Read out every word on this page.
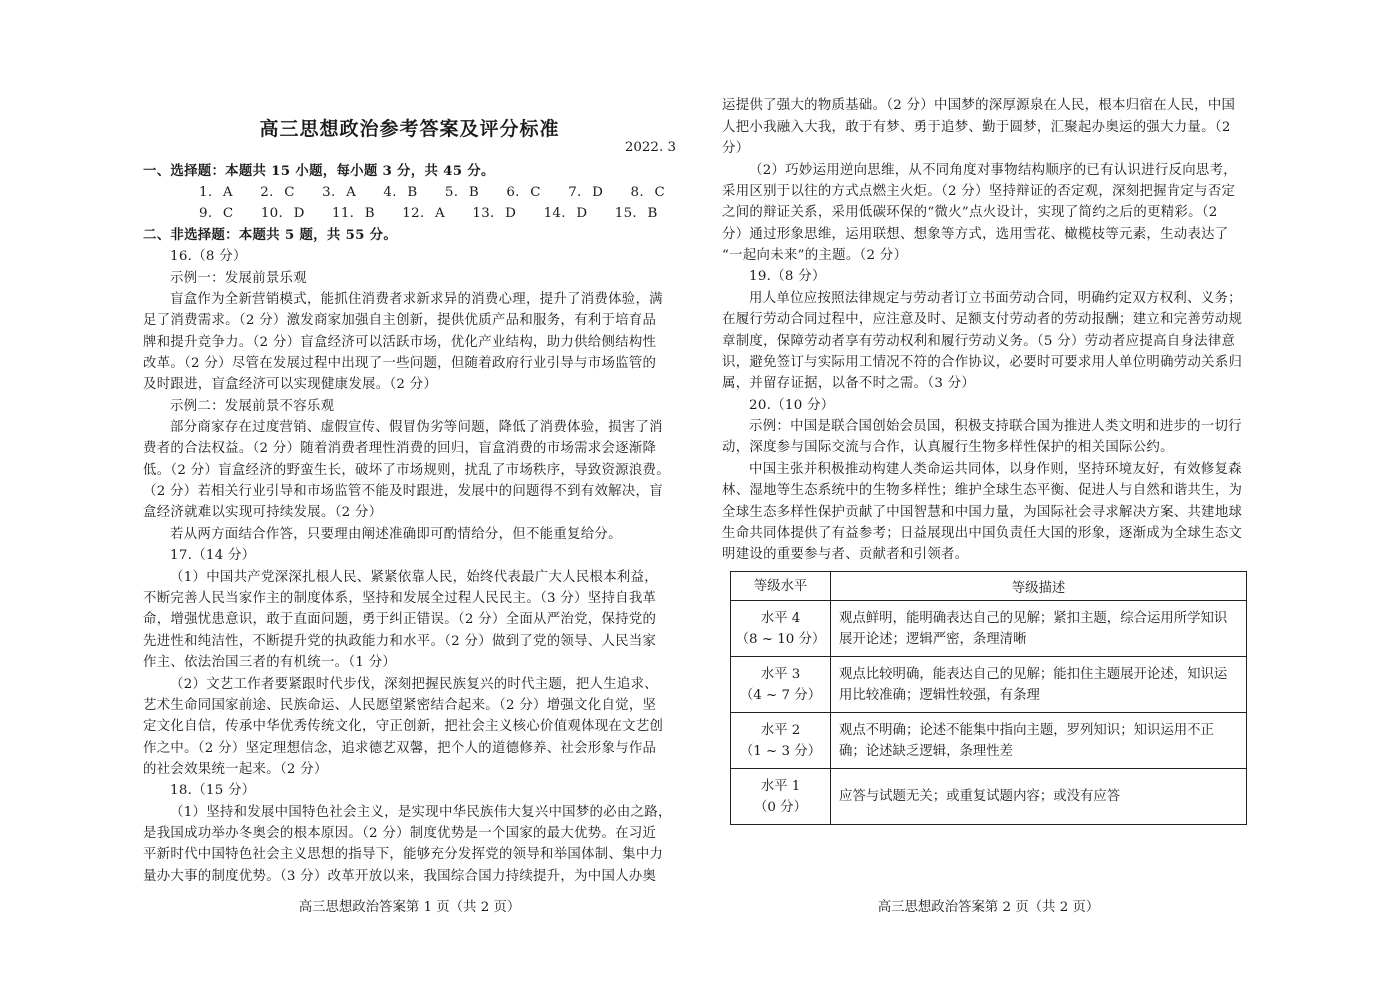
高三思想政治参考答案及评分标准
2022. 3
一、选择题：本题共 15 小题，每小题 3 分，共 45 分。
1. A　　2. C　　3. A　　4. B　　5. B　　6. C　　7. D　　8. C
9. C　　10. D　　11. B　　12. A　　13. D　　14. D　　15. B
二、非选择题：本题共 5 题，共 55 分。
16.（8 分）
示例一：发展前景乐观
盲盒作为全新营销模式，能抓住消费者求新求异的消费心理，提升了消费体验，满
足了消费需求。（2 分）激发商家加强自主创新，提供优质产品和服务，有利于培育品
牌和提升竞争力。（2 分）盲盒经济可以活跃市场，优化产业结构，助力供给侧结构性
改革。（2 分）尽管在发展过程中出现了一些问题，但随着政府行业引导与市场监管的
及时跟进，盲盒经济可以实现健康发展。（2 分）
示例二：发展前景不容乐观
部分商家存在过度营销、虚假宣传、假冒伪劣等问题，降低了消费体验，损害了消
费者的合法权益。（2 分）随着消费者理性消费的回归，盲盒消费的市场需求会逐渐降
低。（2 分）盲盒经济的野蛮生长，破坏了市场规则，扰乱了市场秩序，导致资源浪费。
（2 分）若相关行业引导和市场监管不能及时跟进，发展中的问题得不到有效解决，盲
盒经济就难以实现可持续发展。（2 分）
若从两方面结合作答，只要理由阐述准确即可酌情给分，但不能重复给分。
17.（14 分）
（1）中国共产党深深扎根人民、紧紧依靠人民，始终代表最广大人民根本利益，
不断完善人民当家作主的制度体系，坚持和发展全过程人民民主。（3 分）坚持自我革
命，增强忧患意识，敢于直面问题，勇于纠正错误。（2 分）全面从严治党，保持党的
先进性和纯洁性，不断提升党的执政能力和水平。（2 分）做到了党的领导、人民当家
作主、依法治国三者的有机统一。（1 分）
（2）文艺工作者要紧跟时代步伐，深刻把握民族复兴的时代主题，把人生追求、
艺术生命同国家前途、民族命运、人民愿望紧密结合起来。（2 分）增强文化自觉，坚
定文化自信，传承中华优秀传统文化，守正创新，把社会主义核心价值观体现在文艺创
作之中。（2 分）坚定理想信念，追求德艺双馨，把个人的道德修养、社会形象与作品
的社会效果统一起来。（2 分）
18.（15 分）
（1）坚持和发展中国特色社会主义，是实现中华民族伟大复兴中国梦的必由之路，
是我国成功举办冬奥会的根本原因。（2 分）制度优势是一个国家的最大优势。在习近
平新时代中国特色社会主义思想的指导下，能够充分发挥党的领导和举国体制、集中力
量办大事的制度优势。（3 分）改革开放以来，我国综合国力持续提升，为中国人办奥
高三思想政治答案第 1 页（共 2 页）
运提供了强大的物质基础。（2 分）中国梦的深厚源泉在人民，根本归宿在人民，中国
人把小我融入大我，敢于有梦、勇于追梦、勤于圆梦，汇聚起办奥运的强大力量。（2
分）
（2）巧妙运用逆向思维，从不同角度对事物结构顺序的已有认识进行反向思考，
采用区别于以往的方式点燃主火炬。（2 分）坚持辩证的否定观，深刻把握肯定与否定
之间的辩证关系，采用低碳环保的“微火”点火设计，实现了简约之后的更精彩。（2
分）通过形象思维，运用联想、想象等方式，选用雪花、橄榄枝等元素，生动表达了
“一起向未来”的主题。（2 分）
19.（8 分）
用人单位应按照法律规定与劳动者订立书面劳动合同，明确约定双方权利、义务；
在履行劳动合同过程中，应注意及时、足额支付劳动者的劳动报酬；建立和完善劳动规
章制度，保障劳动者享有劳动权利和履行劳动义务。（5 分）劳动者应提高自身法律意
识，避免签订与实际用工情况不符的合作协议，必要时可要求用人单位明确劳动关系归
属，并留存证据，以备不时之需。（3 分）
20.（10 分）
示例：中国是联合国创始会员国，积极支持联合国为推进人类文明和进步的一切行
动，深度参与国际交流与合作，认真履行生物多样性保护的相关国际公约。
中国主张并积极推动构建人类命运共同体，以身作则，坚持环境友好，有效修复森
林、湿地等生态系统中的生物多样性；维护全球生态平衡、促进人与自然和谐共生，为
全球生态多样性保护贡献了中国智慧和中国力量，为国际社会寻求解决方案、共建地球
生命共同体提供了有益参考；日益展现出中国负责任大国的形象，逐渐成为全球生态文
明建设的重要参与者、贡献者和引领者。
高三思想政治答案第 2 页（共 2 页）
等级水平	等级描述

水平 4
（8 ~ 10 分）	观点鲜明，能明确表达自己的见解；紧扣主题，综合运用所学知识展开论述；逻辑严密，条理清晰

水平 3
（4 ~ 7 分）	观点比较明确，能表达自己的见解；能扣住主题展开论述，知识运用比较准确；逻辑性较强，有条理

水平 2
（1 ~ 3 分）	观点不明确；论述不能集中指向主题，罗列知识；知识运用不正确；论述缺乏逻辑，条理性差

水平 1
（0 分）	应答与试题无关；或重复试题内容；或没有应答
